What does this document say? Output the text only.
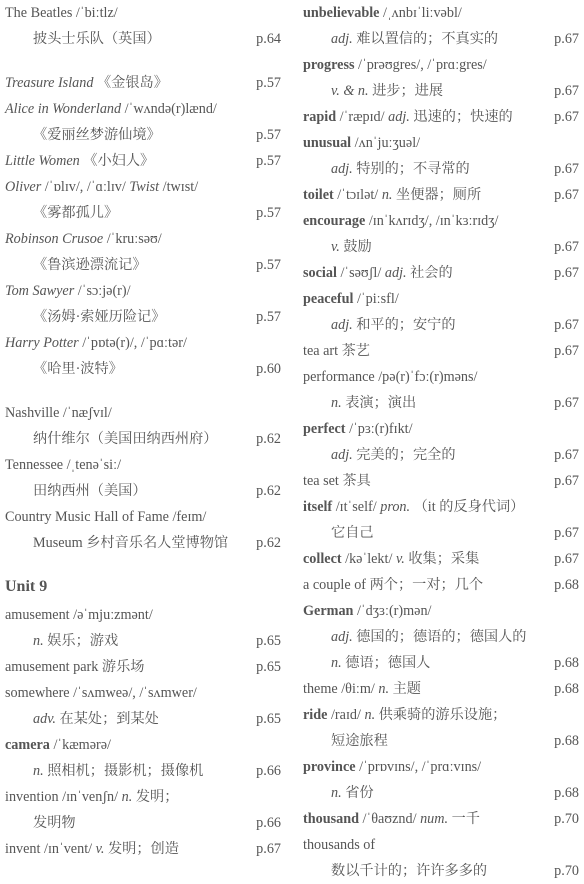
The Beatles /ˈbiːtlz/
披头士乐队（英国）	p.64
Treasure Island 《金银岛》	p.57
Alice in Wonderland /ˈwʌndə(r)lænd/
《爱丽丝梦游仙境》	p.57
Little Women 《小妇人》	p.57
Oliver /ˈɒlɪv/, /ˈɑːlɪv/ Twist /twɪst/
《雾都孤儿》	p.57
Robinson Crusoe /ˈkruːsəʊ/
《鲁滨逊漂流记》	p.57
Tom Sawyer /ˈsɔːjə(r)/
《汤姆·索娅历险记》	p.57
Harry Potter /ˈpɒtə(r)/, /ˈpɑːtər/
《哈里·波特》	p.60
Nashville /ˈnæʃvɪl/
纳什维尔（美国田纳西州府）	p.62
Tennessee /ˌtenəˈsiː/
田纳西州（美国）	p.62
Country Music Hall of Fame /feɪm/
Museum 乡村音乐名人堂博物馆 p.62
Unit 9
amusement /əˈmjuːzmənt/
n. 娱乐；游戏	p.65
amusement park 游乐场	p.65
somewhere /ˈsʌmweə/, /ˈsʌmwer/
adv. 在某处；到某处	p.65
camera /ˈkæmərə/
n. 照相机；摄影机；摄像机	p.66
invention /ɪnˈvenʃn/ n. 发明；
发明物	p.66
invent /ɪnˈvent/ v. 发明；创造	p.67
unbelievable /ˌʌnbɪˈliːvəbl/
adj. 难以置信的；不真实的	p.67
progress /ˈprəʊgres/, /ˈprɑːgres/
v. & n. 进步；进展	p.67
rapid /ˈræpɪd/ adj. 迅速的；快速的	p.67
unusual /ʌnˈjuːʒuəl/
adj. 特别的；不寻常的	p.67
toilet /ˈtɔɪlət/ n. 坐便器；厕所	p.67
encourage /ɪnˈkʌrɪdʒ/, /ɪnˈkɜːrɪdʒ/
v. 鼓励	p.67
social /ˈsəʊʃl/ adj. 社会的	p.67
peaceful /ˈpiːsfl/
adj. 和平的；安宁的	p.67
tea art 茶艺	p.67
performance /pə(r)ˈfɔː(r)məns/
n. 表演；演出	p.67
perfect /ˈpɜː(r)fɪkt/
adj. 完美的；完全的	p.67
tea set 茶具	p.67
itself /ɪtˈself/ pron. （it 的反身代词）
它自己	p.67
collect /kəˈlekt/ v. 收集；采集	p.67
a couple of 两个；一对；几个	p.68
German /ˈdʒɜː(r)mən/
adj. 德国的；德语的；德国人的
n. 德语；德国人	p.68
theme /θiːm/ n. 主题	p.68
ride /raɪd/ n. 供乘骑的游乐设施；
短途旅程	p.68
province /ˈprɒvɪns/, /ˈprɑːvɪns/
n. 省份	p.68
thousand /ˈθaʊznd/ num. 一千	p.70
thousands of
数以千计的；许许多多的	p.70
